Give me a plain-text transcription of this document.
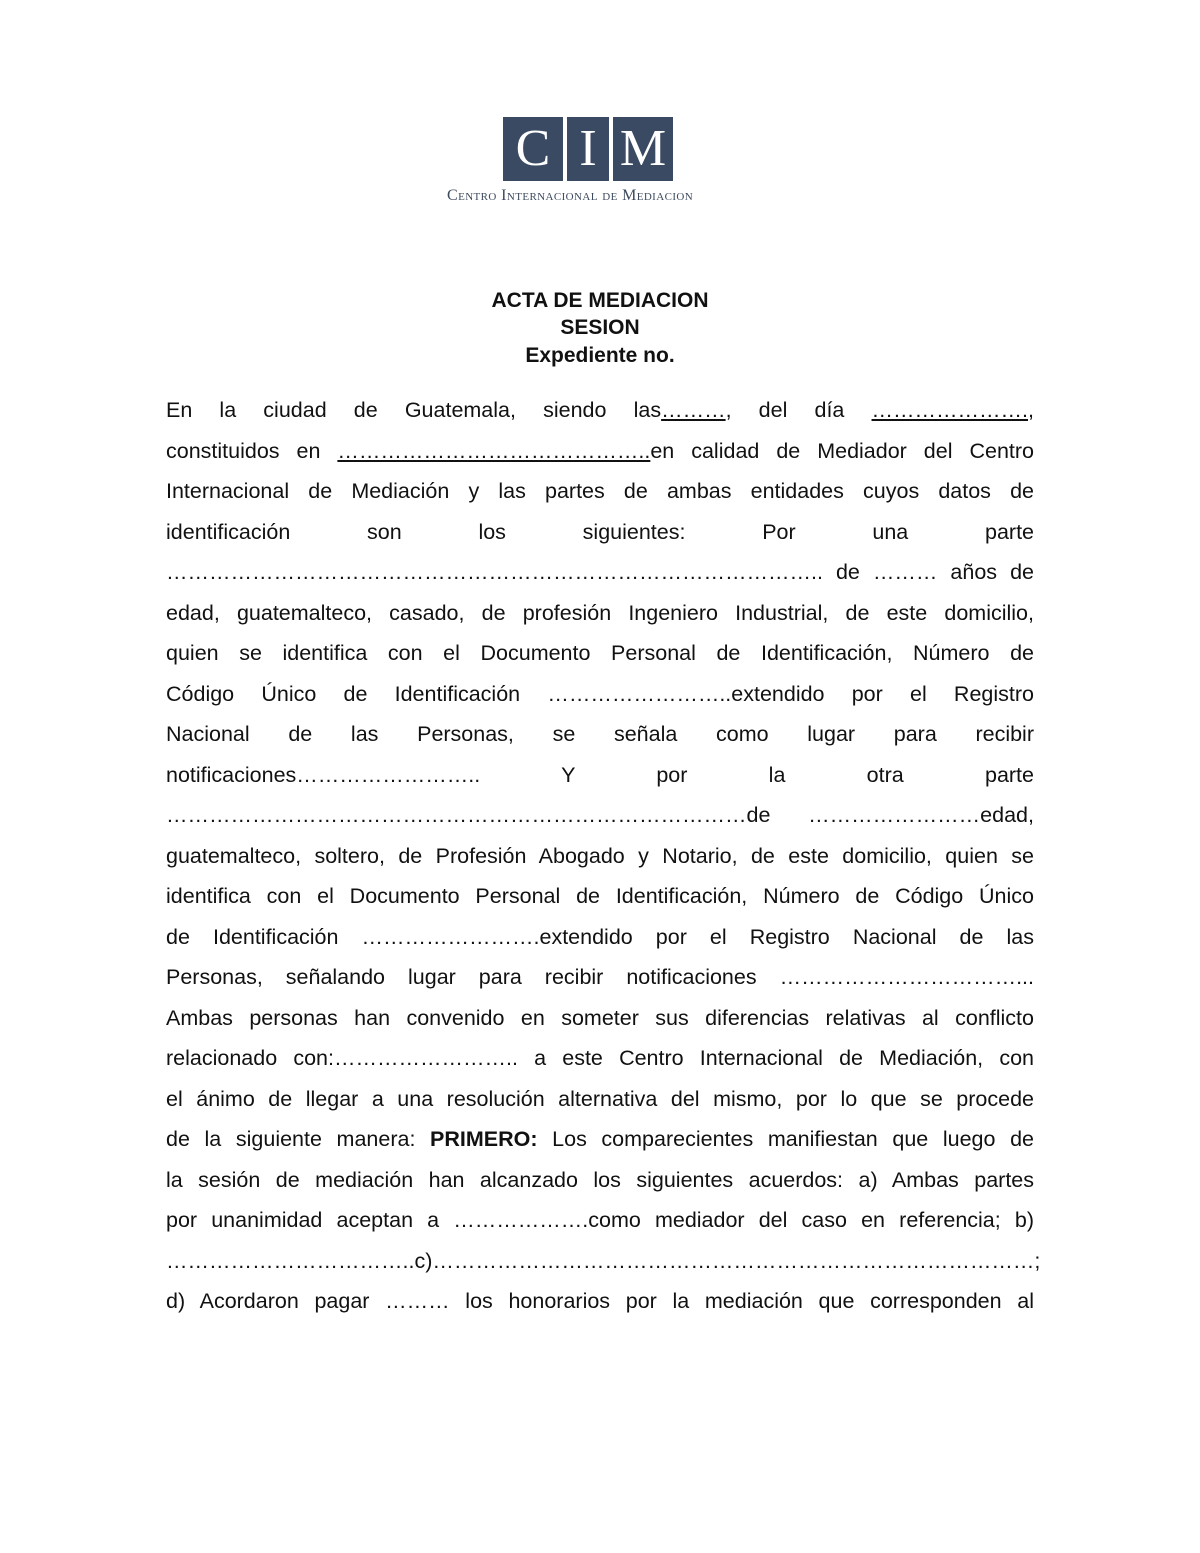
C I M
Centro Internacional de Mediacion

ACTA DE MEDIACION

SESION

Expediente no.

En la ciudad de Guatemala, siendo las………, del día ………………….,

constituidos en ……………………………………..en calidad de Mediador del Centro

Internacional de Mediación y las partes de ambas entidades cuyos datos de

identificación son los siguientes: Por una parte

……………………………………………………………………………….. de ……… años de

edad, guatemalteco, casado, de profesión Ingeniero Industrial, de este domicilio,

quien se identifica con el Documento Personal de Identificación, Número de

Código Único de Identificación ……………………..extendido por el Registro

Nacional de las Personas, se señala como lugar para recibir

notificaciones…………………….. Y por la otra parte

………………………………………………………………………de ……………………edad,

guatemalteco, soltero, de Profesión Abogado y Notario, de este domicilio, quien se

identifica con el Documento Personal de Identificación, Número de Código Único

de Identificación …………………….extendido por el Registro Nacional de las

Personas, señalando lugar para recibir notificaciones ……………………………...

Ambas personas han convenido en someter sus diferencias relativas al conflicto

relacionado con:…………………….. a este Centro Internacional de Mediación, con

el ánimo de llegar a una resolución alternativa del mismo, por lo que se procede

de la siguiente manera: PRIMERO: Los comparecientes manifiestan que luego de

la sesión de mediación han alcanzado los siguientes acuerdos: a) Ambas partes

por unanimidad aceptan a ……………….como mediador del caso en referencia; b)

……………………………..c)…………………………………………………………………………;

d) Acordaron pagar ……… los honorarios por la mediación que corresponden al
